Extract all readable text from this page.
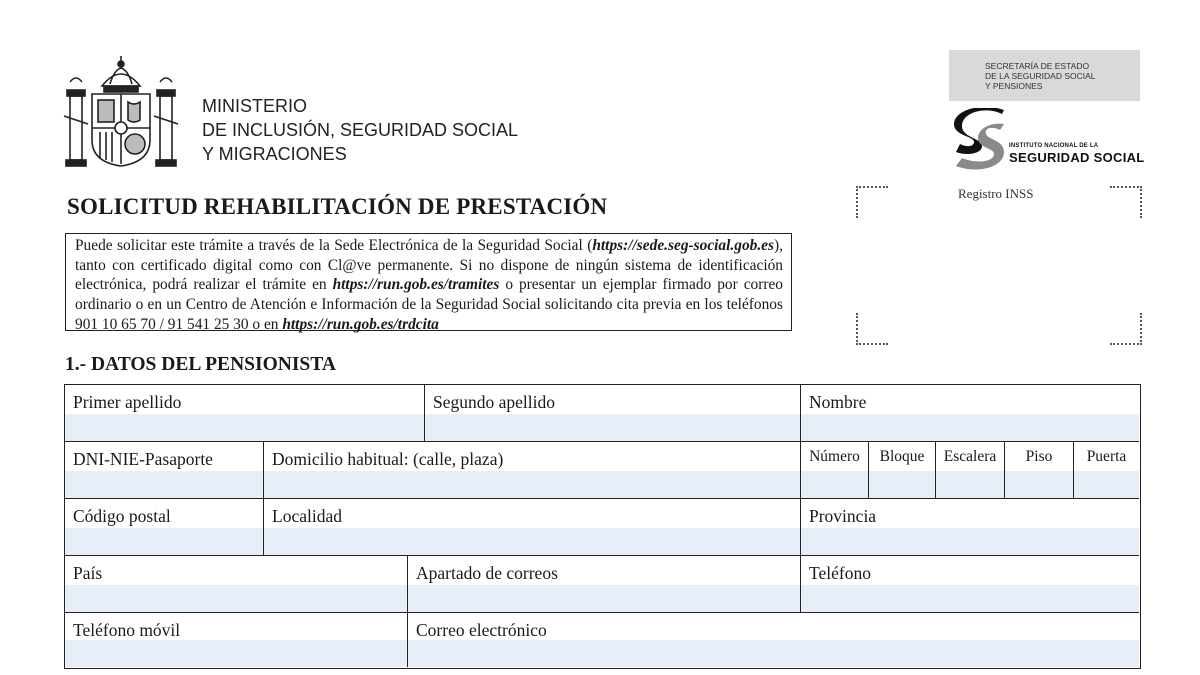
MINISTERIO
DE INCLUSIÓN, SEGURIDAD SOCIAL
Y MIGRACIONES
SECRETARÍA DE ESTADO
DE LA SEGURIDAD SOCIAL
Y PENSIONES
INSTITUTO NACIONAL DE LA
SEGURIDAD SOCIAL
Registro INSS
SOLICITUD REHABILITACIÓN DE PRESTACIÓN
Puede solicitar este trámite a través de la Sede Electrónica de la Seguridad Social (https://sede.seg-social.gob.es), tanto con certificado digital como con Cl@ve permanente. Si no dispone de ningún sistema de identificación electrónica, podrá realizar el trámite en https://run.gob.es/tramites o presentar un ejemplar firmado por correo ordinario o en un Centro de Atención e Información de la Seguridad Social solicitando cita previa en los teléfonos 901 10 65 70 / 91 541 25 30 o en https://run.gob.es/trdcita
1.- DATOS DEL PENSIONISTA
Primer apellido	Segundo apellido	Nombre
DNI-NIE-Pasaporte	Domicilio habitual: (calle, plaza)	Número	Bloque	Escalera	Piso	Puerta
Código postal	Localidad	Provincia
País	Apartado de correos	Teléfono
Teléfono móvil	Correo electrónico
